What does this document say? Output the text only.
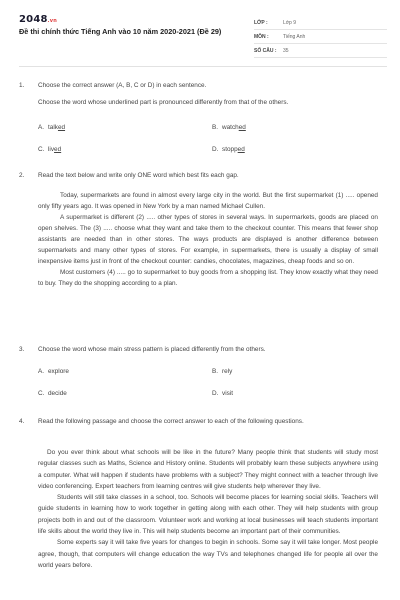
2048.vn
Đề thi chính thức Tiếng Anh vào 10 năm 2020-2021 (Đề 29)
LỚP :	Lớp 9
MÔN :	Tiếng Anh
SỐ CÂU :	35
1. Choose the correct answer (A, B, C or D) in each sentence.
Choose the word whose underlined part is pronounced differently from that of the others.
A. talked	B. watched
C. lived	D. stopped
2. Read the text below and write only ONE word which best fits each gap.

Today, supermarkets are found in almost every large city in the world. But the first supermarket (1) ..... opened only fifty years ago. It was opened in New York by a man named Michael Cullen.

A supermarket is different (2) ..... other types of stores in several ways. In supermarkets, goods are placed on open shelves. The (3) ..... choose what they want and take them to the checkout counter. This means that fewer shop assistants are needed than in other stores. The ways products are displayed is another difference between supermarkets and many other types of stores. For example, in supermarkets, there is usually a display of small inexpensive items just in front of the checkout counter: candies, chocolates, magazines, cheap foods and so on.

Most customers (4) ..... go to supermarket to buy goods from a shopping list. They know exactly what they need to buy. They do the shopping according to a plan.

3. Choose the word whose main stress pattern is placed differently from the others.
A. explore	B. rely
C. decide	D. visit
4. Read the following passage and choose the correct answer to each of the following questions.

Do you ever think about what schools will be like in the future? Many people think that students will study most regular classes such as Maths, Science and History online. Students will probably learn these subjects anywhere using a computer. What will happen if students have problems with a subject? They might connect with a teacher through live video conferencing. Expert teachers from learning centres will give students help wherever they live.

Students will still take classes in a school, too. Schools will become places for learning social skills. Teachers will guide students in learning how to work together in getting along with each other. They will help students with group projects both in and out of the classroom. Volunteer work and working at local businesses will teach students important life skills about the world they live in. This will help students become an important part of their communities.

Some experts say it will take five years for changes to begin in schools. Some say it will take longer. Most people agree, though, that computers will change education the way TVs and telephones changed life for people all over the world years before.
